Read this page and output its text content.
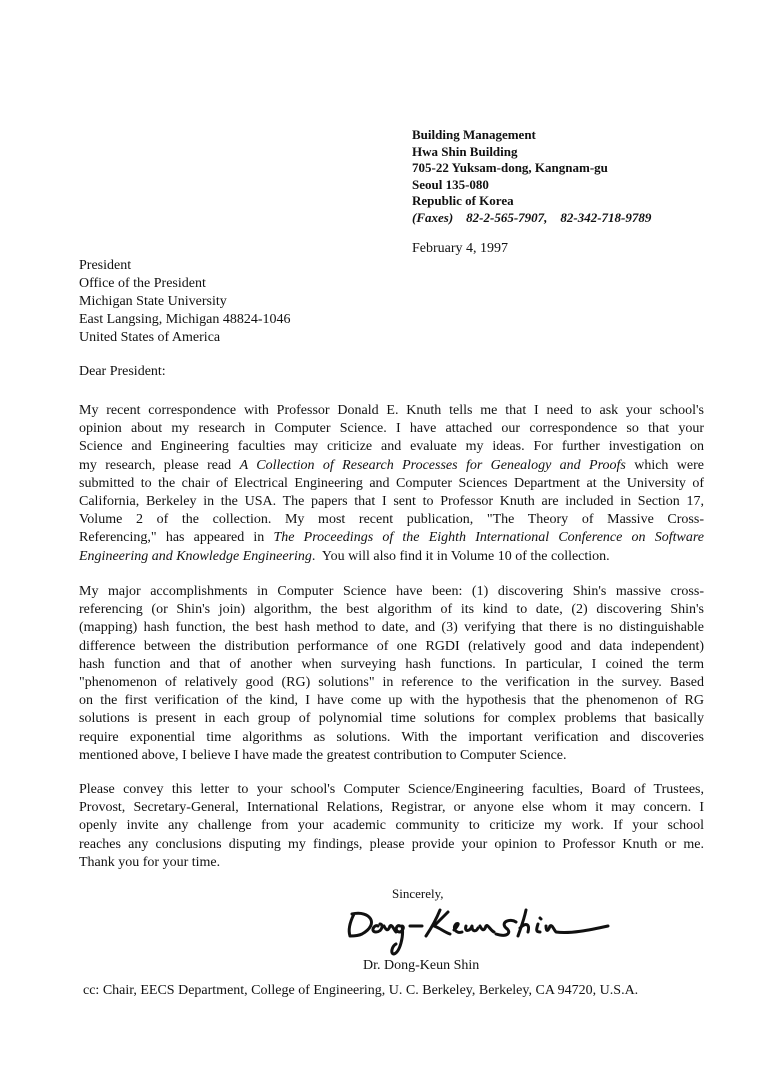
Building Management
Hwa Shin Building
705-22 Yuksam-dong, Kangnam-gu
Seoul 135-080
Republic of Korea
(Faxes)    82-2-565-7907,    82-342-718-9789
February 4, 1997
President
Office of the President
Michigan State University
East Langsing, Michigan 48824-1046
United States of America
Dear President:
My recent correspondence with Professor Donald E. Knuth tells me that I need to ask your school's
opinion about my research in Computer Science. I have attached our correspondence so that your
Science and Engineering faculties may criticize and evaluate my ideas. For further investigation on
my research, please read A Collection of Research Processes for Genealogy and Proofs which were
submitted to the chair of Electrical Engineering and Computer Sciences Department at the University of
California, Berkeley in the USA. The papers that I sent to Professor Knuth are included in Section 17,
Volume 2 of the collection. My most recent publication, "The Theory of Massive Cross-
Referencing," has appeared in The Proceedings of the Eighth International Conference on Software
Engineering and Knowledge Engineering.  You will also find it in Volume 10 of the collection.
My major accomplishments in Computer Science have been: (1) discovering Shin's massive cross-
referencing (or Shin's join) algorithm, the best algorithm of its kind to date, (2) discovering Shin's
(mapping) hash function, the best hash method to date, and (3) verifying that there is no distinguishable
difference between the distribution performance of one RGDI (relatively good and data independent)
hash function and that of another when surveying hash functions. In particular, I coined the term
"phenomenon of relatively good (RG) solutions" in reference to the verification in the survey. Based
on the first verification of the kind, I have come up with the hypothesis that the phenomenon of RG
solutions is present in each group of polynomial time solutions for complex problems that basically
require exponential time algorithms as solutions. With the important verification and discoveries
mentioned above, I believe I have made the greatest contribution to Computer Science.
Please convey this letter to your school's Computer Science/Engineering faculties, Board of Trustees,
Provost, Secretary-General, International Relations, Registrar, or anyone else whom it may concern. I
openly invite any challenge from your academic community to criticize my work. If your school
reaches any conclusions disputing my findings, please provide your opinion to Professor Knuth or me.
Thank you for your time.
Sincerely,
Dr. Dong-Keun Shin
cc: Chair, EECS Department, College of Engineering, U. C. Berkeley, Berkeley, CA 94720, U.S.A.
